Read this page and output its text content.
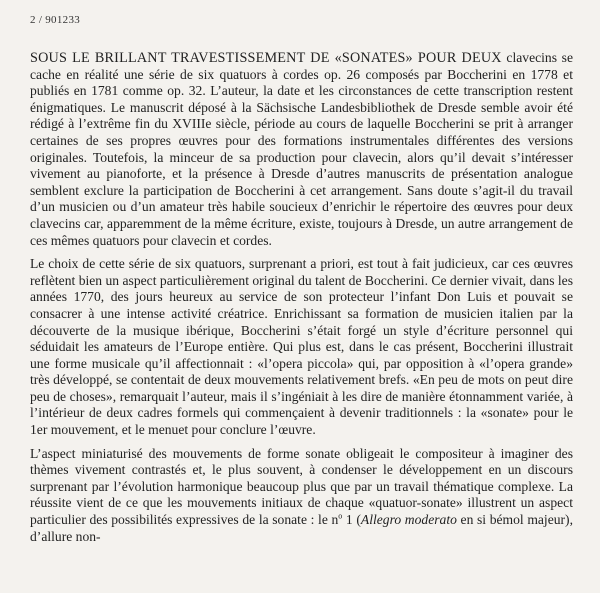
2 / 901233

SOUS LE BRILLANT TRAVESTISSEMENT DE «SONATES» POUR DEUX clavecins se cache en réalité une série de six quatuors à cordes op. 26 composés par Boccherini en 1778 et publiés en 1781 comme op. 32. L’auteur, la date et les circonstances de cette transcription restent énigmatiques. Le manuscrit déposé à la Sächsische Landesbibliothek de Dresde semble avoir été rédigé à l’extrême fin du XVIIIe siècle, période au cours de laquelle Boccherini se prit à arranger certaines de ses propres œuvres pour des formations instrumentales différentes des versions originales. Toutefois, la minceur de sa production pour clavecin, alors qu’il devait s’intéresser vivement au pianoforte, et la présence à Dresde d’autres manuscrits de présentation analogue semblent exclure la participation de Boccherini à cet arrangement. Sans doute s’agit-il du travail d’un musicien ou d’un amateur très habile soucieux d’enrichir le répertoire des œuvres pour deux clavecins car, apparemment de la même écriture, existe, toujours à Dresde, un autre arrangement de ces mêmes quatuors pour clavecin et cordes.

Le choix de cette série de six quatuors, surprenant a priori, est tout à fait judicieux, car ces œuvres reflètent bien un aspect particulièrement original du talent de Boccherini. Ce dernier vivait, dans les années 1770, des jours heureux au service de son protecteur l’infant Don Luis et pouvait se consacrer à une intense activité créatrice. Enrichissant sa formation de musicien italien par la découverte de la musique ibérique, Boccherini s’était forgé un style d’écriture personnel qui séduidait les amateurs de l’Europe entière. Qui plus est, dans le cas présent, Boccherini illustrait une forme musicale qu’il affectionnait : «l’opera piccola» qui, par opposition à «l’opera grande» très développé, se contentait de deux mouvements relativement brefs. «En peu de mots on peut dire peu de choses», remarquait l’auteur, mais il s’ingéniait à les dire de manière étonnamment variée, à l’intérieur de deux cadres formels qui commençaient à devenir traditionnels : la «sonate» pour le 1er mouvement, et le menuet pour conclure l’œuvre.

L’aspect miniaturisé des mouvements de forme sonate obligeait le compositeur à imaginer des thèmes vivement contrastés et, le plus souvent, à condenser le développement en un discours surprenant par l’évolution harmonique beaucoup plus que par un travail thématique complexe. La réussite vient de ce que les mouvements initiaux de chaque «quatuor-sonate» illustrent un aspect particulier des possibilités expressives de la sonate : le $n^o$ 1 (Allegro moderato en si bémol majeur), d’allure non-
